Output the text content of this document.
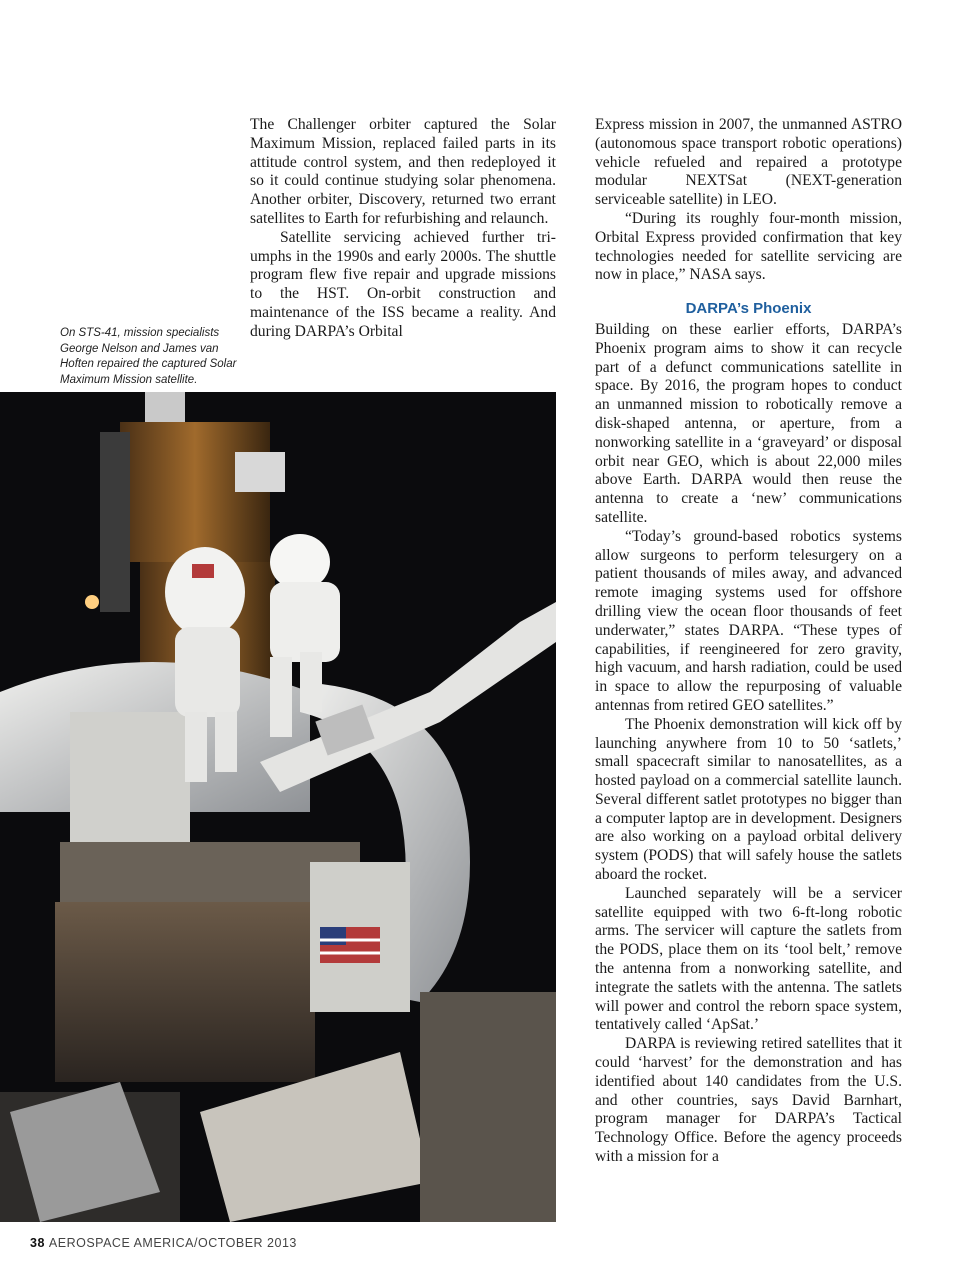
The Challenger orbiter captured the Solar Maximum Mission, replaced failed parts in its attitude control system, and then redeployed it so it could continue studying solar phenomena. Another orbiter, Discovery, returned two errant satellites to Earth for refurbishing and relaunch.

Satellite servicing achieved further triumphs in the 1990s and early 2000s. The shuttle program flew five repair and upgrade missions to the HST. On-orbit construction and maintenance of the ISS became a reality. And during DARPA’s Orbital

On STS-41, mission specialists George Nelson and James van Hoften repaired the captured Solar Maximum Mission satellite.

Express mission in 2007, the unmanned ASTRO (autonomous space transport robotic operations) vehicle refueled and repaired a prototype modular NEXTSat (NEXT-generation serviceable satellite) in LEO.

“During its roughly four-month mission, Orbital Express provided confirmation that key technologies needed for satellite servicing are now in place,” NASA says.

DARPA’s Phoenix

Building on these earlier efforts, DARPA’s Phoenix program aims to show it can recycle part of a defunct communications satellite in space. By 2016, the program hopes to conduct an unmanned mission to robotically remove a disk-shaped antenna, or aperture, from a nonworking satellite in a ‘graveyard’ or disposal orbit near GEO, which is about 22,000 miles above Earth. DARPA would then reuse the antenna to create a ‘new’ communications satellite.

“Today’s ground-based robotics systems allow surgeons to perform telesurgery on a patient thousands of miles away, and advanced remote imaging systems used for offshore drilling view the ocean floor thousands of feet underwater,” states DARPA. “These types of capabilities, if reengineered for zero gravity, high vacuum, and harsh radiation, could be used in space to allow the repurposing of valuable antennas from retired GEO satellites.”

The Phoenix demonstration will kick off by launching anywhere from 10 to 50 ‘satlets,’ small spacecraft similar to nanosatellites, as a hosted payload on a commercial satellite launch. Several different satlet prototypes no bigger than a computer laptop are in development. Designers are also working on a payload orbital delivery system (PODS) that will safely house the satlets aboard the rocket.

Launched separately will be a servicer satellite equipped with two 6-ft-long robotic arms. The servicer will capture the satlets from the PODS, place them on its ‘tool belt,’ remove the antenna from a nonworking satellite, and integrate the satlets with the antenna. The satlets will power and control the reborn space system, tentatively called ‘ApSat.’

DARPA is reviewing retired satellites that it could ‘harvest’ for the demonstration and has identified about 140 candidates from the U.S. and other countries, says David Barnhart, program manager for DARPA’s Tactical Technology Office. Before the agency proceeds with a mission for a

38 AEROSPACE AMERICA/OCTOBER 2013
